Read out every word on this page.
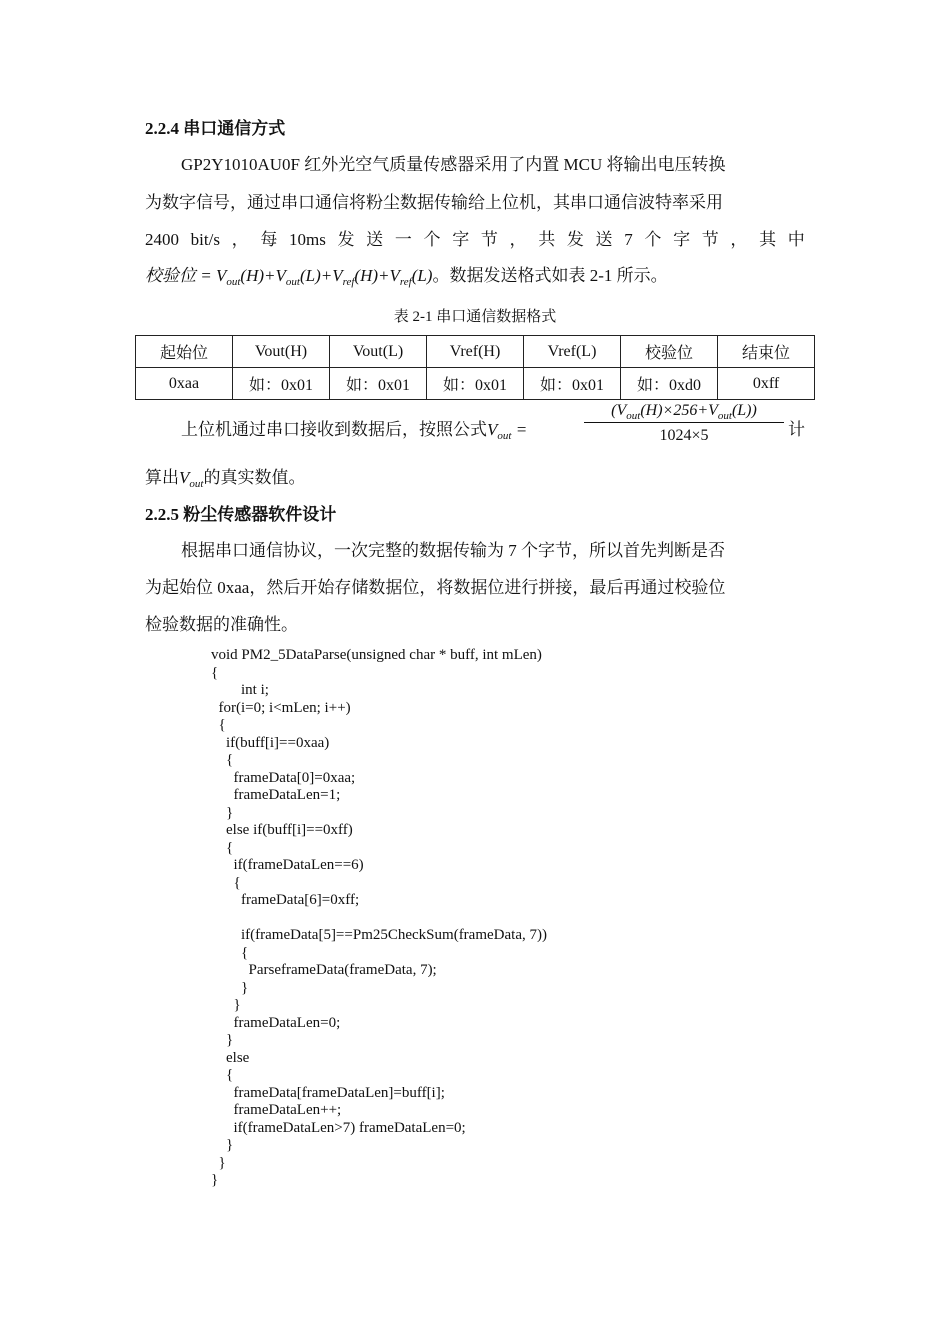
2.2.4 串口通信方式
GP2Y1010AU0F 红外光空气质量传感器采用了内置 MCU 将输出电压转换
为数字信号，通过串口通信将粉尘数据传输给上位机，其串口通信波特率采用
2400 bit/s ， 每 10ms 发 送 一 个 字 节 ， 共 发 送 7 个 字 节 ， 其 中
校验位 = $V_{out}(H)+V_{out}(L)+V_{ref}(H)+V_{ref}(L)$。数据发送格式如表 2-1 所示。
表 2-1 串口通信数据格式
起始位	Vout(H)	Vout(L)	Vref(H)	Vref(L)	校验位	结束位
0xaa	如：0x01	如：0x01	如：0x01	如：0x01	如：0xd0	0xff
上位机通过串口接收到数据后，按照公式$V_{out}$ =
$(V_{out}(H)\times 256+V_{out}(L))$
1024×5	计
算出$V_{out}$的真实数值。
2.2.5 粉尘传感器软件设计
根据串口通信协议，一次完整的数据传输为 7 个字节，所以首先判断是否
为起始位 0xaa，然后开始存储数据位，将数据位进行拼接，最后再通过校验位
检验数据的准确性。
void PM2_5DataParse(unsigned char * buff, int mLen)
{
int i;
for(i=0; i<mLen; i++)
{
if(buff[i]==0xaa)
{
frameData[0]=0xaa;
frameDataLen=1;
}
else if(buff[i]==0xff)
{
if(frameDataLen==6)
{
frameData[6]=0xff;

if(frameData[5]==Pm25CheckSum(frameData, 7))
{
ParseframeData(frameData, 7);
}
}
frameDataLen=0;
}
else
{
frameData[frameDataLen]=buff[i];
frameDataLen++;
if(frameDataLen>7) frameDataLen=0;
}
}
}
